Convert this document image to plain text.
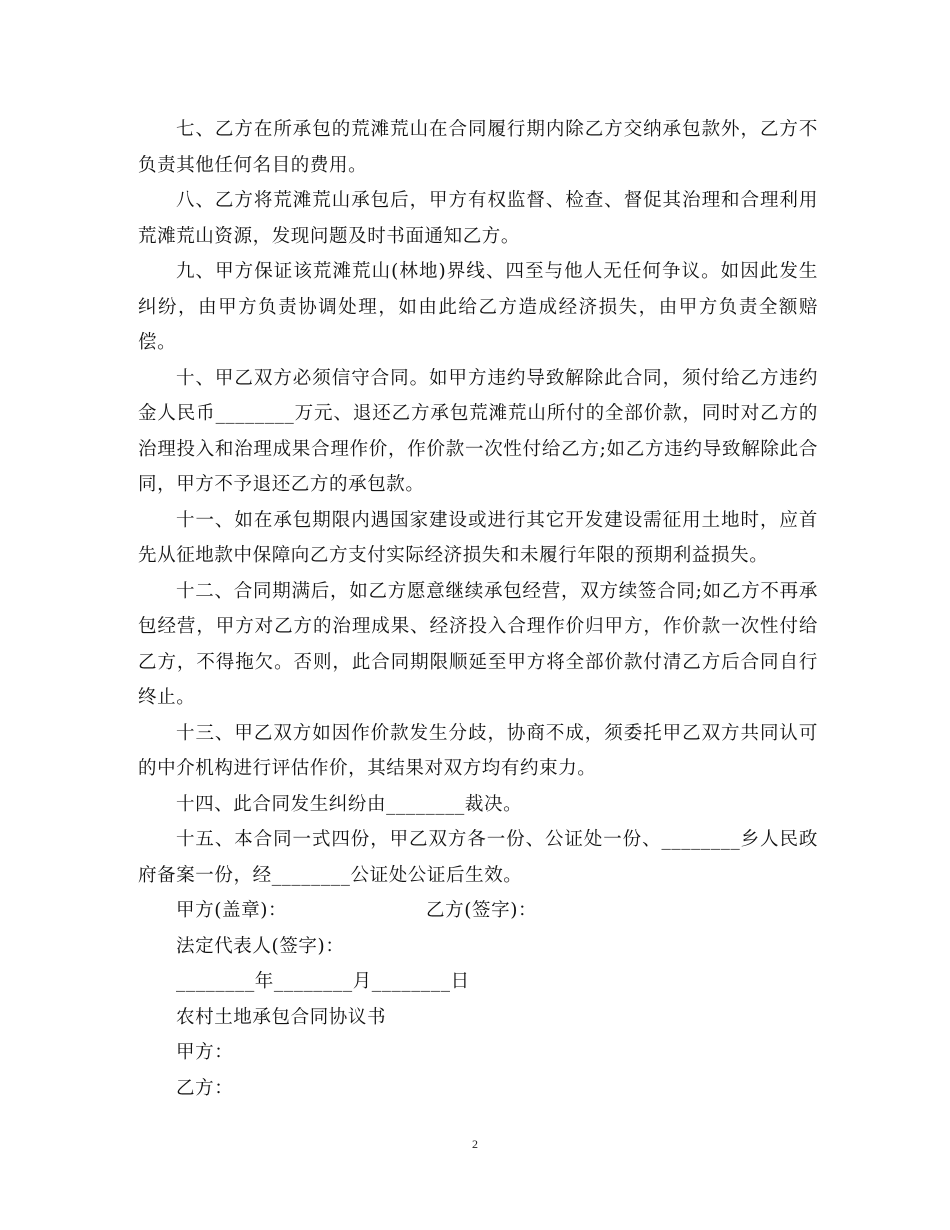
七、乙方在所承包的荒滩荒山在合同履行期内除乙方交纳承包款外，乙方不负责其他任何名目的费用。

八、乙方将荒滩荒山承包后，甲方有权监督、检查、督促其治理和合理利用荒滩荒山资源，发现问题及时书面通知乙方。

九、甲方保证该荒滩荒山(林地)界线、四至与他人无任何争议。如因此发生纠纷，由甲方负责协调处理，如由此给乙方造成经济损失，由甲方负责全额赔偿。

十、甲乙双方必须信守合同。如甲方违约导致解除此合同，须付给乙方违约金人民币________万元、退还乙方承包荒滩荒山所付的全部价款，同时对乙方的治理投入和治理成果合理作价，作价款一次性付给乙方;如乙方违约导致解除此合同，甲方不予退还乙方的承包款。

十一、如在承包期限内遇国家建设或进行其它开发建设需征用土地时，应首先从征地款中保障向乙方支付实际经济损失和未履行年限的预期利益损失。

十二、合同期满后，如乙方愿意继续承包经营，双方续签合同;如乙方不再承包经营，甲方对乙方的治理成果、经济投入合理作价归甲方，作价款一次性付给乙方，不得拖欠。否则，此合同期限顺延至甲方将全部价款付清乙方后合同自行终止。

十三、甲乙双方如因作价款发生分歧，协商不成，须委托甲乙双方共同认可的中介机构进行评估作价，其结果对双方均有约束力。

十四、此合同发生纠纷由________裁决。

十五、本合同一式四份，甲乙双方各一份、公证处一份、________乡人民政府备案一份，经________公证处公证后生效。

甲方(盖章)：	乙方(签字)：
法定代表人(签字)：
________年________月________日
农村土地承包合同协议书
甲方：
乙方：
2
